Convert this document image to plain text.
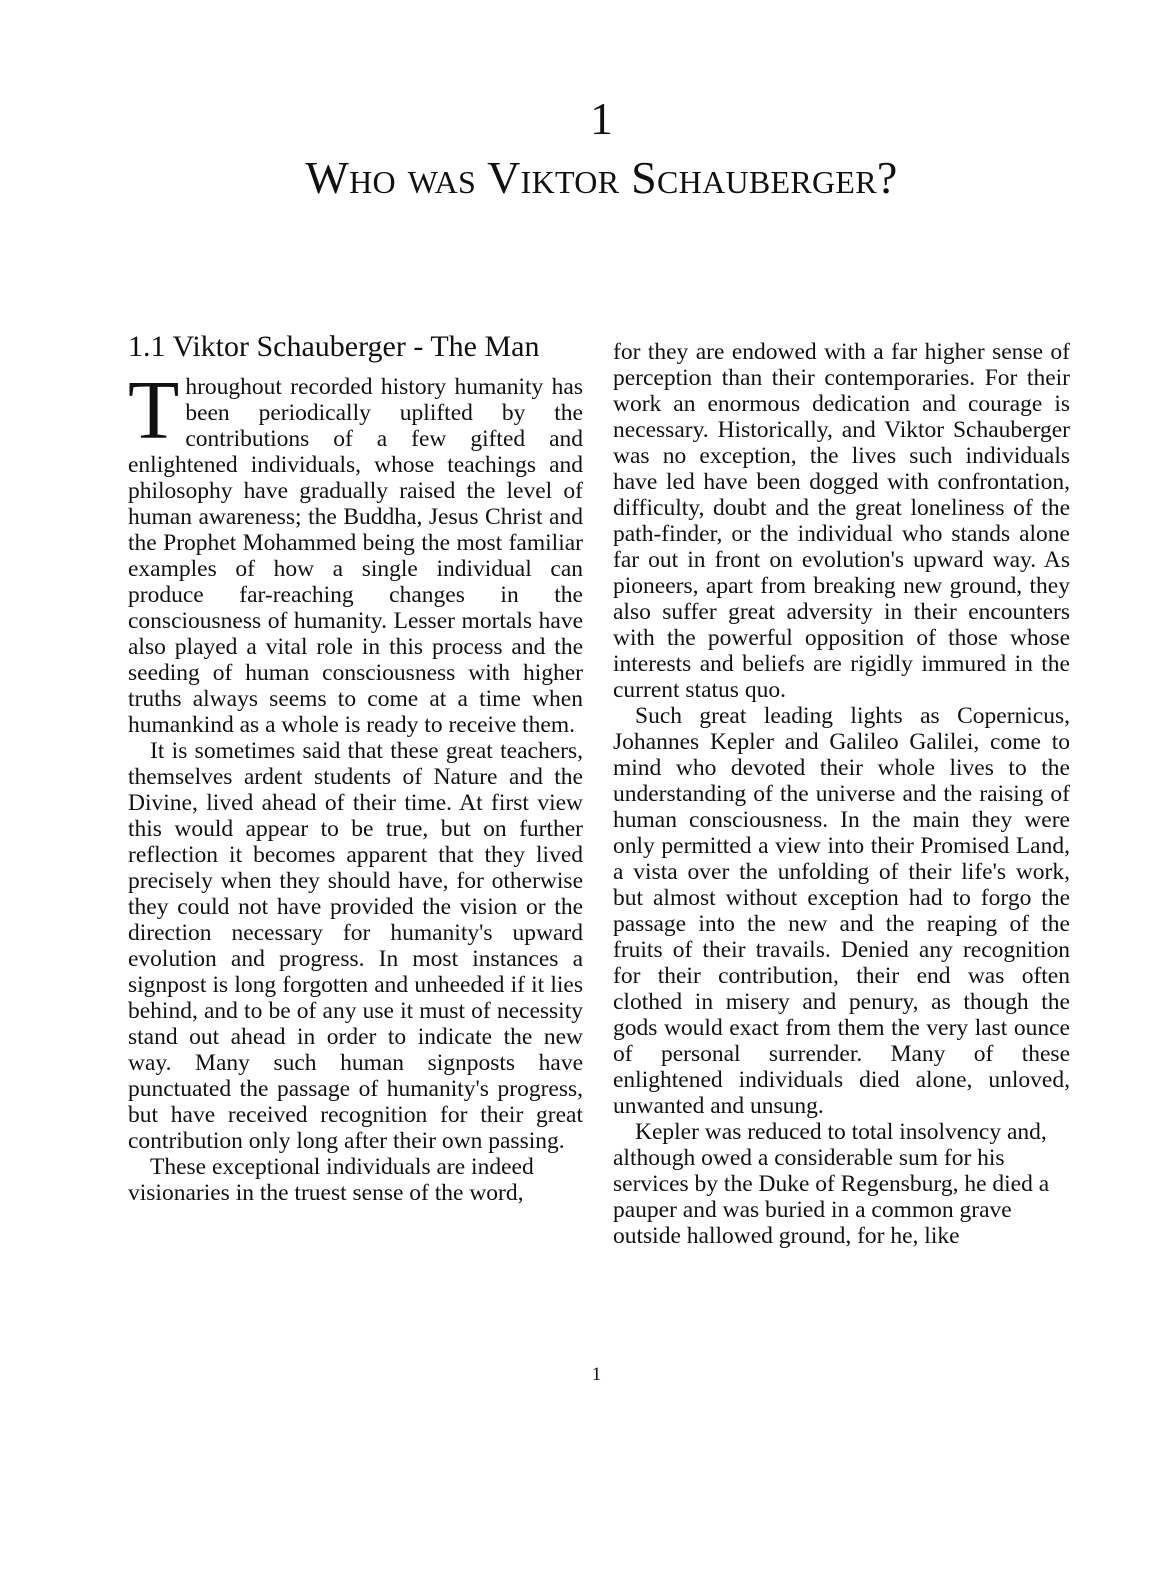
1
Who was Viktor Schauberger?
1.1 Viktor Schauberger - The Man

Throughout recorded history humanity has been periodically uplifted by the contributions of a few gifted and enlightened individuals, whose teachings and philosophy have gradually raised the level of human awareness; the Buddha, Jesus Christ and the Prophet Mohammed being the most familiar examples of how a single individual can produce far-reaching changes in the consciousness of humanity. Lesser mortals have also played a vital role in this process and the seeding of human consciousness with higher truths always seems to come at a time when humankind as a whole is ready to receive them.

It is sometimes said that these great teachers, themselves ardent students of Nature and the Divine, lived ahead of their time. At first view this would appear to be true, but on further reflection it becomes apparent that they lived precisely when they should have, for otherwise they could not have provided the vision or the direction necessary for humanity's upward evolution and progress. In most instances a signpost is long forgotten and unheeded if it lies behind, and to be of any use it must of necessity stand out ahead in order to indicate the new way. Many such human signposts have punctuated the passage of humanity's progress, but have received recognition for their great contribution only long after their own passing.

These exceptional individuals are indeed visionaries in the truest sense of the word,

for they are endowed with a far higher sense of perception than their contemporaries. For their work an enormous dedication and courage is necessary. Historically, and Viktor Schauberger was no exception, the lives such individuals have led have been dogged with confrontation, difficulty, doubt and the great loneliness of the path-finder, or the individual who stands alone far out in front on evolution's upward way. As pioneers, apart from breaking new ground, they also suffer great adversity in their encounters with the powerful opposition of those whose interests and beliefs are rigidly immured in the current status quo.

Such great leading lights as Copernicus, Johannes Kepler and Galileo Galilei, come to mind who devoted their whole lives to the understanding of the universe and the raising of human consciousness. In the main they were only permitted a view into their Promised Land, a vista over the unfolding of their life's work, but almost without exception had to forgo the passage into the new and the reaping of the fruits of their travails. Denied any recognition for their contribution, their end was often clothed in misery and penury, as though the gods would exact from them the very last ounce of personal surrender. Many of these enlightened individuals died alone, unloved, unwanted and unsung.

Kepler was reduced to total insolvency and, although owed a considerable sum for his services by the Duke of Regensburg, he died a pauper and was buried in a common grave outside hallowed ground, for he, like

1
